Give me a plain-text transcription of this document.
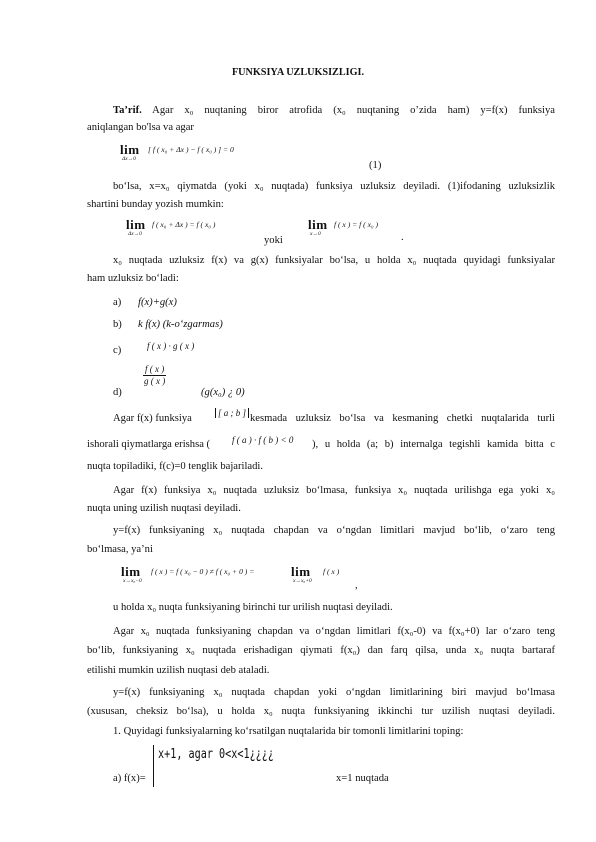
FUNKSIYA UZLUKSIZLIGI.
Ta’rif. Agar x₀ nuqtaning biror atrofida (x₀ nuqtaning o’zida ham) y=f(x) funksiya
aniqlangan bo'lsa va agar
lim
Δx→0
[ f ( x₀ + Δx ) − f ( x₀ ) ] = 0
(1)
bo‘lsa, x=x₀ qiymatda (yoki x₀ nuqtada) funksiya uzluksiz deyiladi. (1)ifodaning uzluksizlik
shartini bunday yozish mumkin:
lim
Δx→0
f ( x₀ + Δx ) = f ( x₀ )
yoki
lim
x→0
f ( x ) = f ( x₀ )
.
x₀ nuqtada uzluksiz f(x) va g(x) funksiyalar bo‘lsa, u holda x₀ nuqtada quyidagi funksiyalar
ham uzluksiz bo‘ladi:
a) f(x)+g(x)
b) k f(x) (k-o‘zgarmas)
c)	f ( x ) · g ( x )
d)
$\frac{f ( x )}{g ( x )}$
(g(x₀) ¿ 0)
Agar f(x) funksiya	[ a ; b ] kesmada uzluksiz bo‘lsa va kesmaning chetki nuqtalarida turli
ishorali qiymatlarga erishsa ( f ( a ) · f ( b ) < 0 ), u holda (a; b) internalga tegishli kamida bitta c
nuqta topiladiki, f(c)=0 tenglik bajariladi.
Agar f(x) funksiya x₀ nuqtada uzluksiz bo‘lmasa, funksiya x₀ nuqtada urilishga ega yoki x₀
nuqta uning uzilish nuqtasi deyiladi.
y=f(x) funksiyaning x₀ nuqtada chapdan va o‘ngdan limitlari mavjud bo‘lib, o‘zaro teng
bo‘lmasa, ya’ni
lim
x→x₀−0
f ( x ) = f ( x₀ − 0 ) ≠ f ( x₀ + 0 ) =	lim
x→x₀+0
f ( x )
,
u holda x₀ nuqta funksiyaning birinchi tur urilish nuqtasi deyiladi.
Agar x₀ nuqtada funksiyaning chapdan va o‘ngdan limitlari f(x₀-0) va f(x₀+0) lar o‘zaro teng
bo‘lib, funksiyaning x₀ nuqtada erishadigan qiymati f(x₀) dan farq qilsa, unda x₀ nuqta bartaraf
etilishi mumkin uzilish nuqtasi deb ataladi.
y=f(x) funksiyaning x₀ nuqtada chapdan yoki o‘ngdan limitlarining biri mavjud bo‘lmasa
(xususan, cheksiz bo‘lsa), u holda x₀ nuqta funksiyaning ikkinchi tur uzilish nuqtasi deyiladi.
1. Quyidagi funksiyalarning ko‘rsatilgan nuqtalarida bir tomonli limitlarini toping:
a) f(x)=
x+1, agar 0<x<1¿¿¿¿
x=1 nuqtada
